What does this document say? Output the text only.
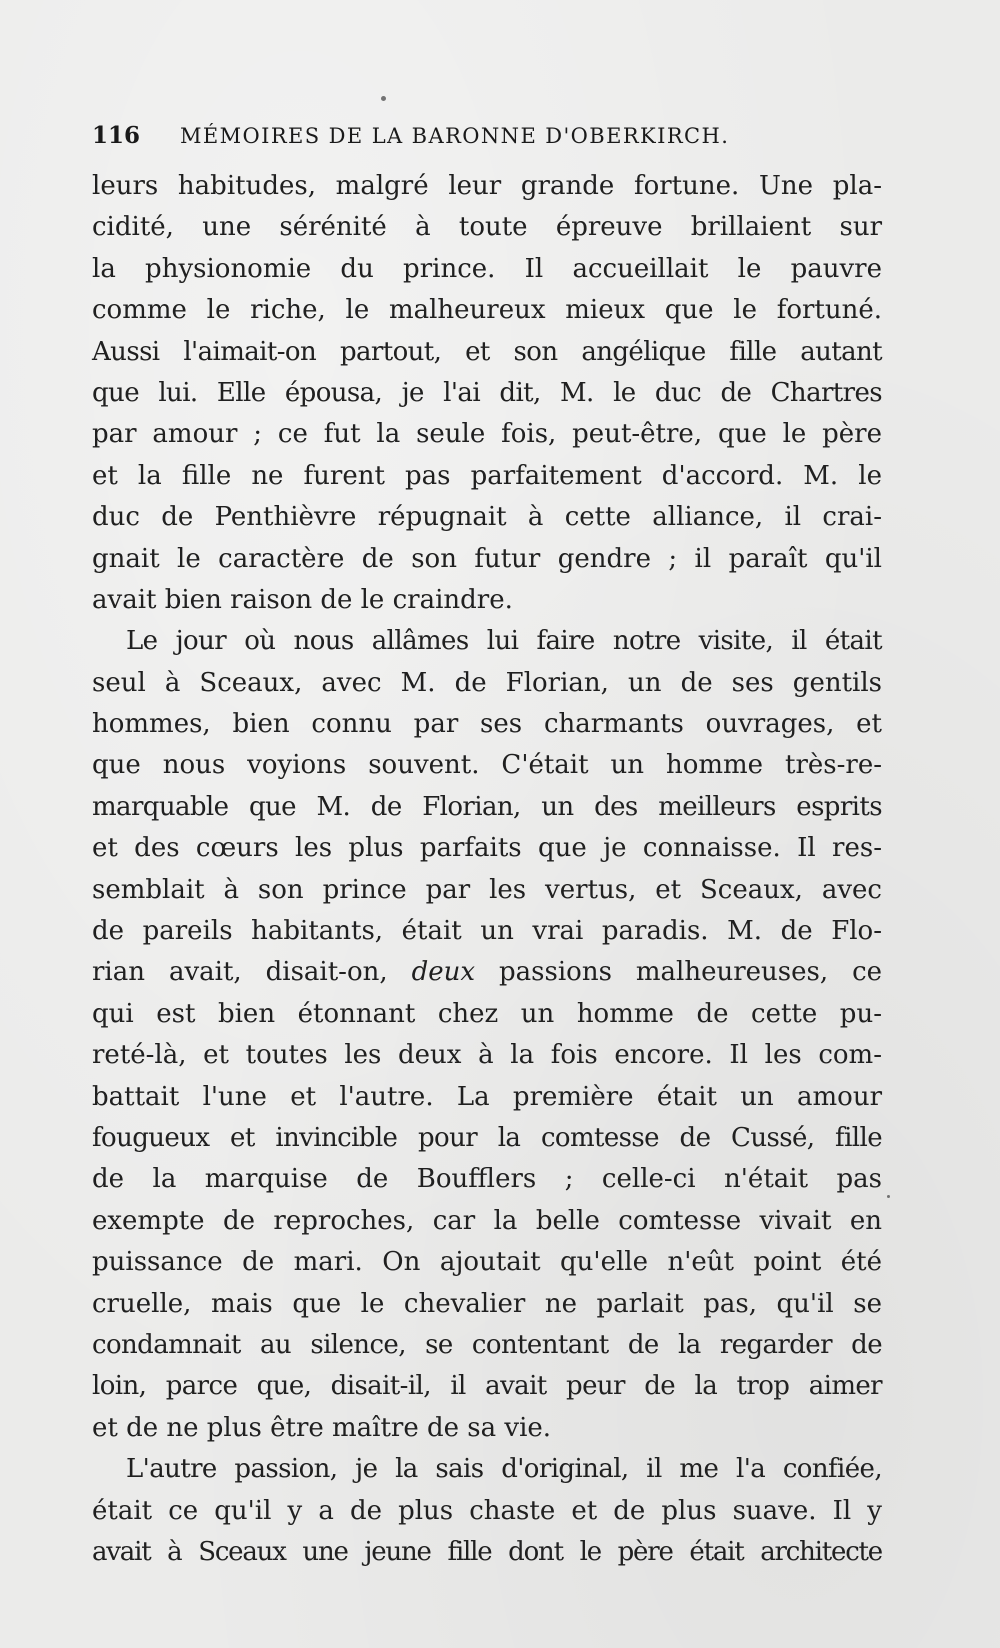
116 MÉMOIRES DE LA BARONNE D'OBERKIRCH.
leurs habitudes, malgré leur grande fortune. Une pla-
cidité, une sérénité à toute épreuve brillaient sur
la physionomie du prince. Il accueillait le pauvre
comme le riche, le malheureux mieux que le fortuné.
Aussi l'aimait-on partout, et son angélique fille autant
que lui. Elle épousa, je l'ai dit, M. le duc de Chartres
par amour ; ce fut la seule fois, peut-être, que le père
et la fille ne furent pas parfaitement d'accord. M. le
duc de Penthièvre répugnait à cette alliance, il crai-
gnait le caractère de son futur gendre ; il paraît qu'il
avait bien raison de le craindre.
Le jour où nous allâmes lui faire notre visite, il était
seul à Sceaux, avec M. de Florian, un de ses gentils
hommes, bien connu par ses charmants ouvrages, et
que nous voyions souvent. C'était un homme très-re-
marquable que M. de Florian, un des meilleurs esprits
et des cœurs les plus parfaits que je connaisse. Il res-
semblait à son prince par les vertus, et Sceaux, avec
de pareils habitants, était un vrai paradis. M. de Flo-
rian avait, disait-on, deux passions malheureuses, ce
qui est bien étonnant chez un homme de cette pu-
reté-là, et toutes les deux à la fois encore. Il les com-
battait l'une et l'autre. La première était un amour
fougueux et invincible pour la comtesse de Cussé, fille
de la marquise de Boufflers ; celle-ci n'était pas
exempte de reproches, car la belle comtesse vivait en
puissance de mari. On ajoutait qu'elle n'eût point été
cruelle, mais que le chevalier ne parlait pas, qu'il se
condamnait au silence, se contentant de la regarder de
loin, parce que, disait-il, il avait peur de la trop aimer
et de ne plus être maître de sa vie.
L'autre passion, je la sais d'original, il me l'a confiée,
était ce qu'il y a de plus chaste et de plus suave. Il y
avait à Sceaux une jeune fille dont le père était architecte
